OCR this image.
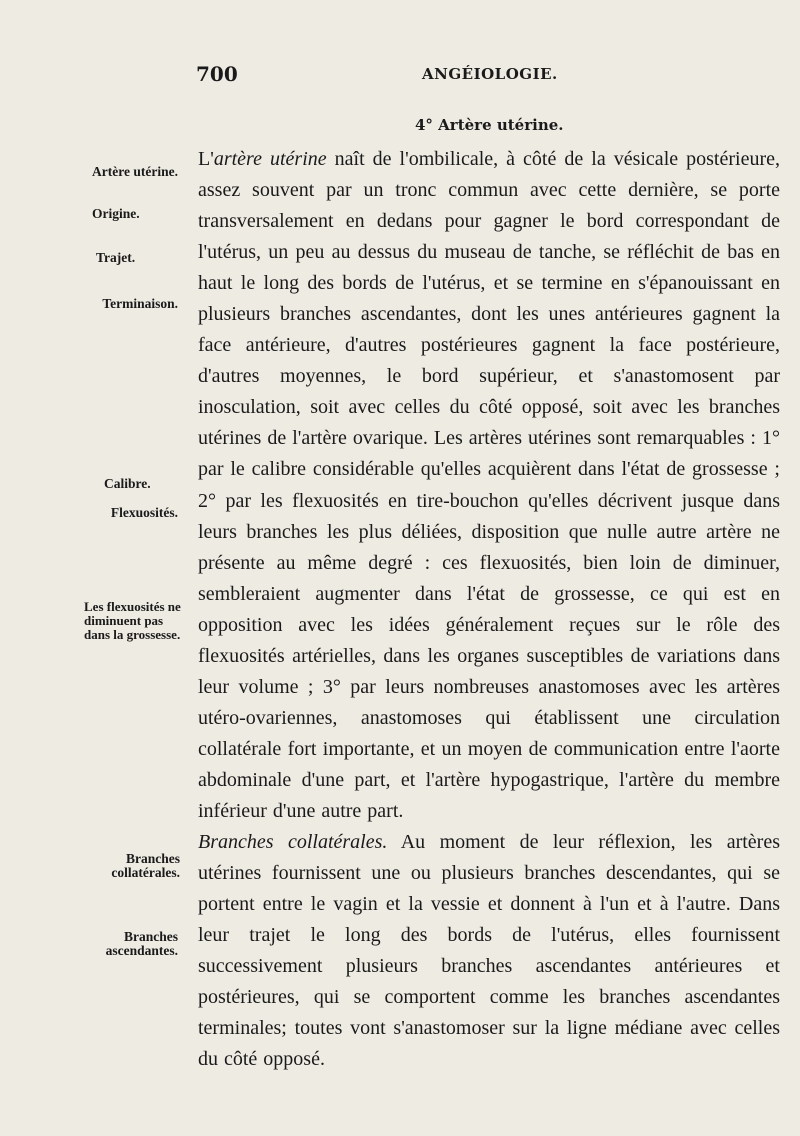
700	ANGÉIOLOGIE.
4° Artère utérine.
Artère utérine.
Origine.
Trajet.
Terminaison.
Calibre.
Flexuosités.
Les flexuosités ne diminuent pas dans la grossesse.
Branches collatérales.
Branches ascendantes.

L'artère utérine naît de l'ombilicale, à côté de la vésicale postérieure, assez souvent par un tronc commun avec cette dernière, se porte transversalement en dedans pour gagner le bord correspondant de l'utérus, un peu au dessus du museau de tanche, se réfléchit de bas en haut le long des bords de l'utérus, et se termine en s'épanouissant en plusieurs branches ascendantes, dont les unes antérieures gagnent la face antérieure, d'autres postérieures gagnent la face postérieure, d'autres moyennes, le bord supérieur, et s'anastomosent par inosculation, soit avec celles du côté opposé, soit avec les branches utérines de l'artère ovarique. Les artères utérines sont remarquables : 1° par le calibre considérable qu'elles acquièrent dans l'état de grossesse ; 2° par les flexuosités en tire-bouchon qu'elles décrivent jusque dans leurs branches les plus déliées, disposition que nulle autre artère ne présente au même degré : ces flexuosités, bien loin de diminuer, sembleraient augmenter dans l'état de grossesse, ce qui est en opposition avec les idées généralement reçues sur le rôle des flexuosités artérielles, dans les organes susceptibles de variations dans leur volume ; 3° par leurs nombreuses anastomoses avec les artères utéro-ovariennes, anastomoses qui établissent une circulation collatérale fort importante, et un moyen de communication entre l'aorte abdominale d'une part, et l'artère hypogastrique, l'artère du membre inférieur d'une autre part.

Branches collatérales. Au moment de leur réflexion, les artères utérines fournissent une ou plusieurs branches descendantes, qui se portent entre le vagin et la vessie et donnent à l'un et à l'autre. Dans leur trajet le long des bords de l'utérus, elles fournissent successivement plusieurs branches ascendantes antérieures et postérieures, qui se comportent comme les branches ascendantes terminales; toutes vont s'anastomoser sur la ligne médiane avec celles du côté opposé.
